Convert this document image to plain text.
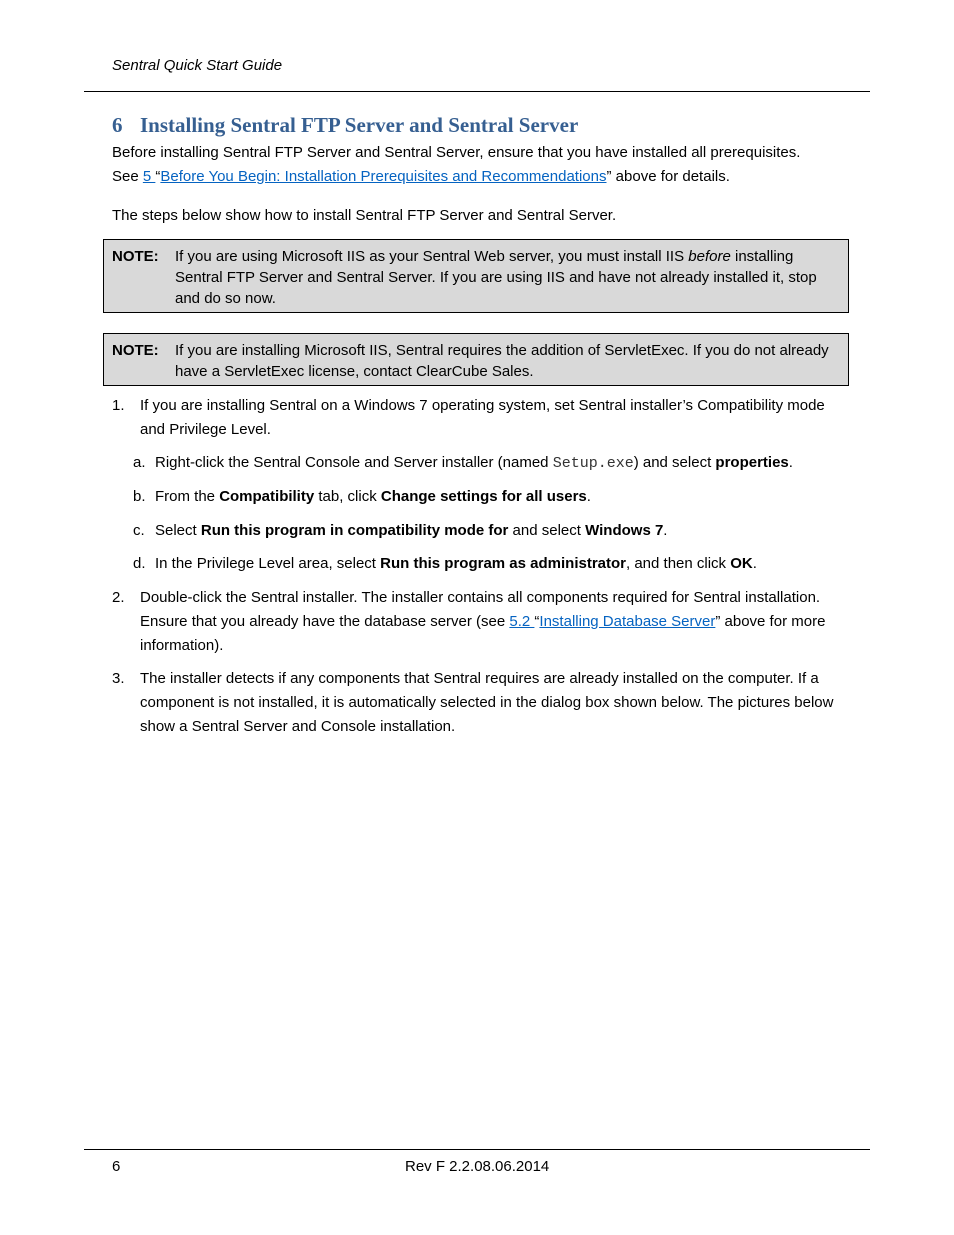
Sentral Quick Start Guide
6 Installing Sentral FTP Server and Sentral Server
Before installing Sentral FTP Server and Sentral Server, ensure that you have installed all prerequisites.
See 5 “Before You Begin: Installation Prerequisites and Recommendations” above for details.
The steps below show how to install Sentral FTP Server and Sentral Server.
NOTE: If you are using Microsoft IIS as your Sentral Web server, you must install IIS before installing Sentral FTP Server and Sentral Server. If you are using IIS and have not already installed it, stop and do so now.
NOTE: If you are installing Microsoft IIS, Sentral requires the addition of ServletExec. If you do not already have a ServletExec license, contact ClearCube Sales.
1. If you are installing Sentral on a Windows 7 operating system, set Sentral installer’s Compatibility mode and Privilege Level.
a. Right-click the Sentral Console and Server installer (named Setup.exe) and select properties.
b. From the Compatibility tab, click Change settings for all users.
c. Select Run this program in compatibility mode for and select Windows 7.
d. In the Privilege Level area, select Run this program as administrator, and then click OK.
2. Double-click the Sentral installer. The installer contains all components required for Sentral installation. Ensure that you already have the database server (see 5.2 “Installing Database Server” above for more information).
3. The installer detects if any components that Sentral requires are already installed on the computer. If a component is not installed, it is automatically selected in the dialog box shown below. The pictures below show a Sentral Server and Console installation.
6	Rev F 2.2.08.06.2014
